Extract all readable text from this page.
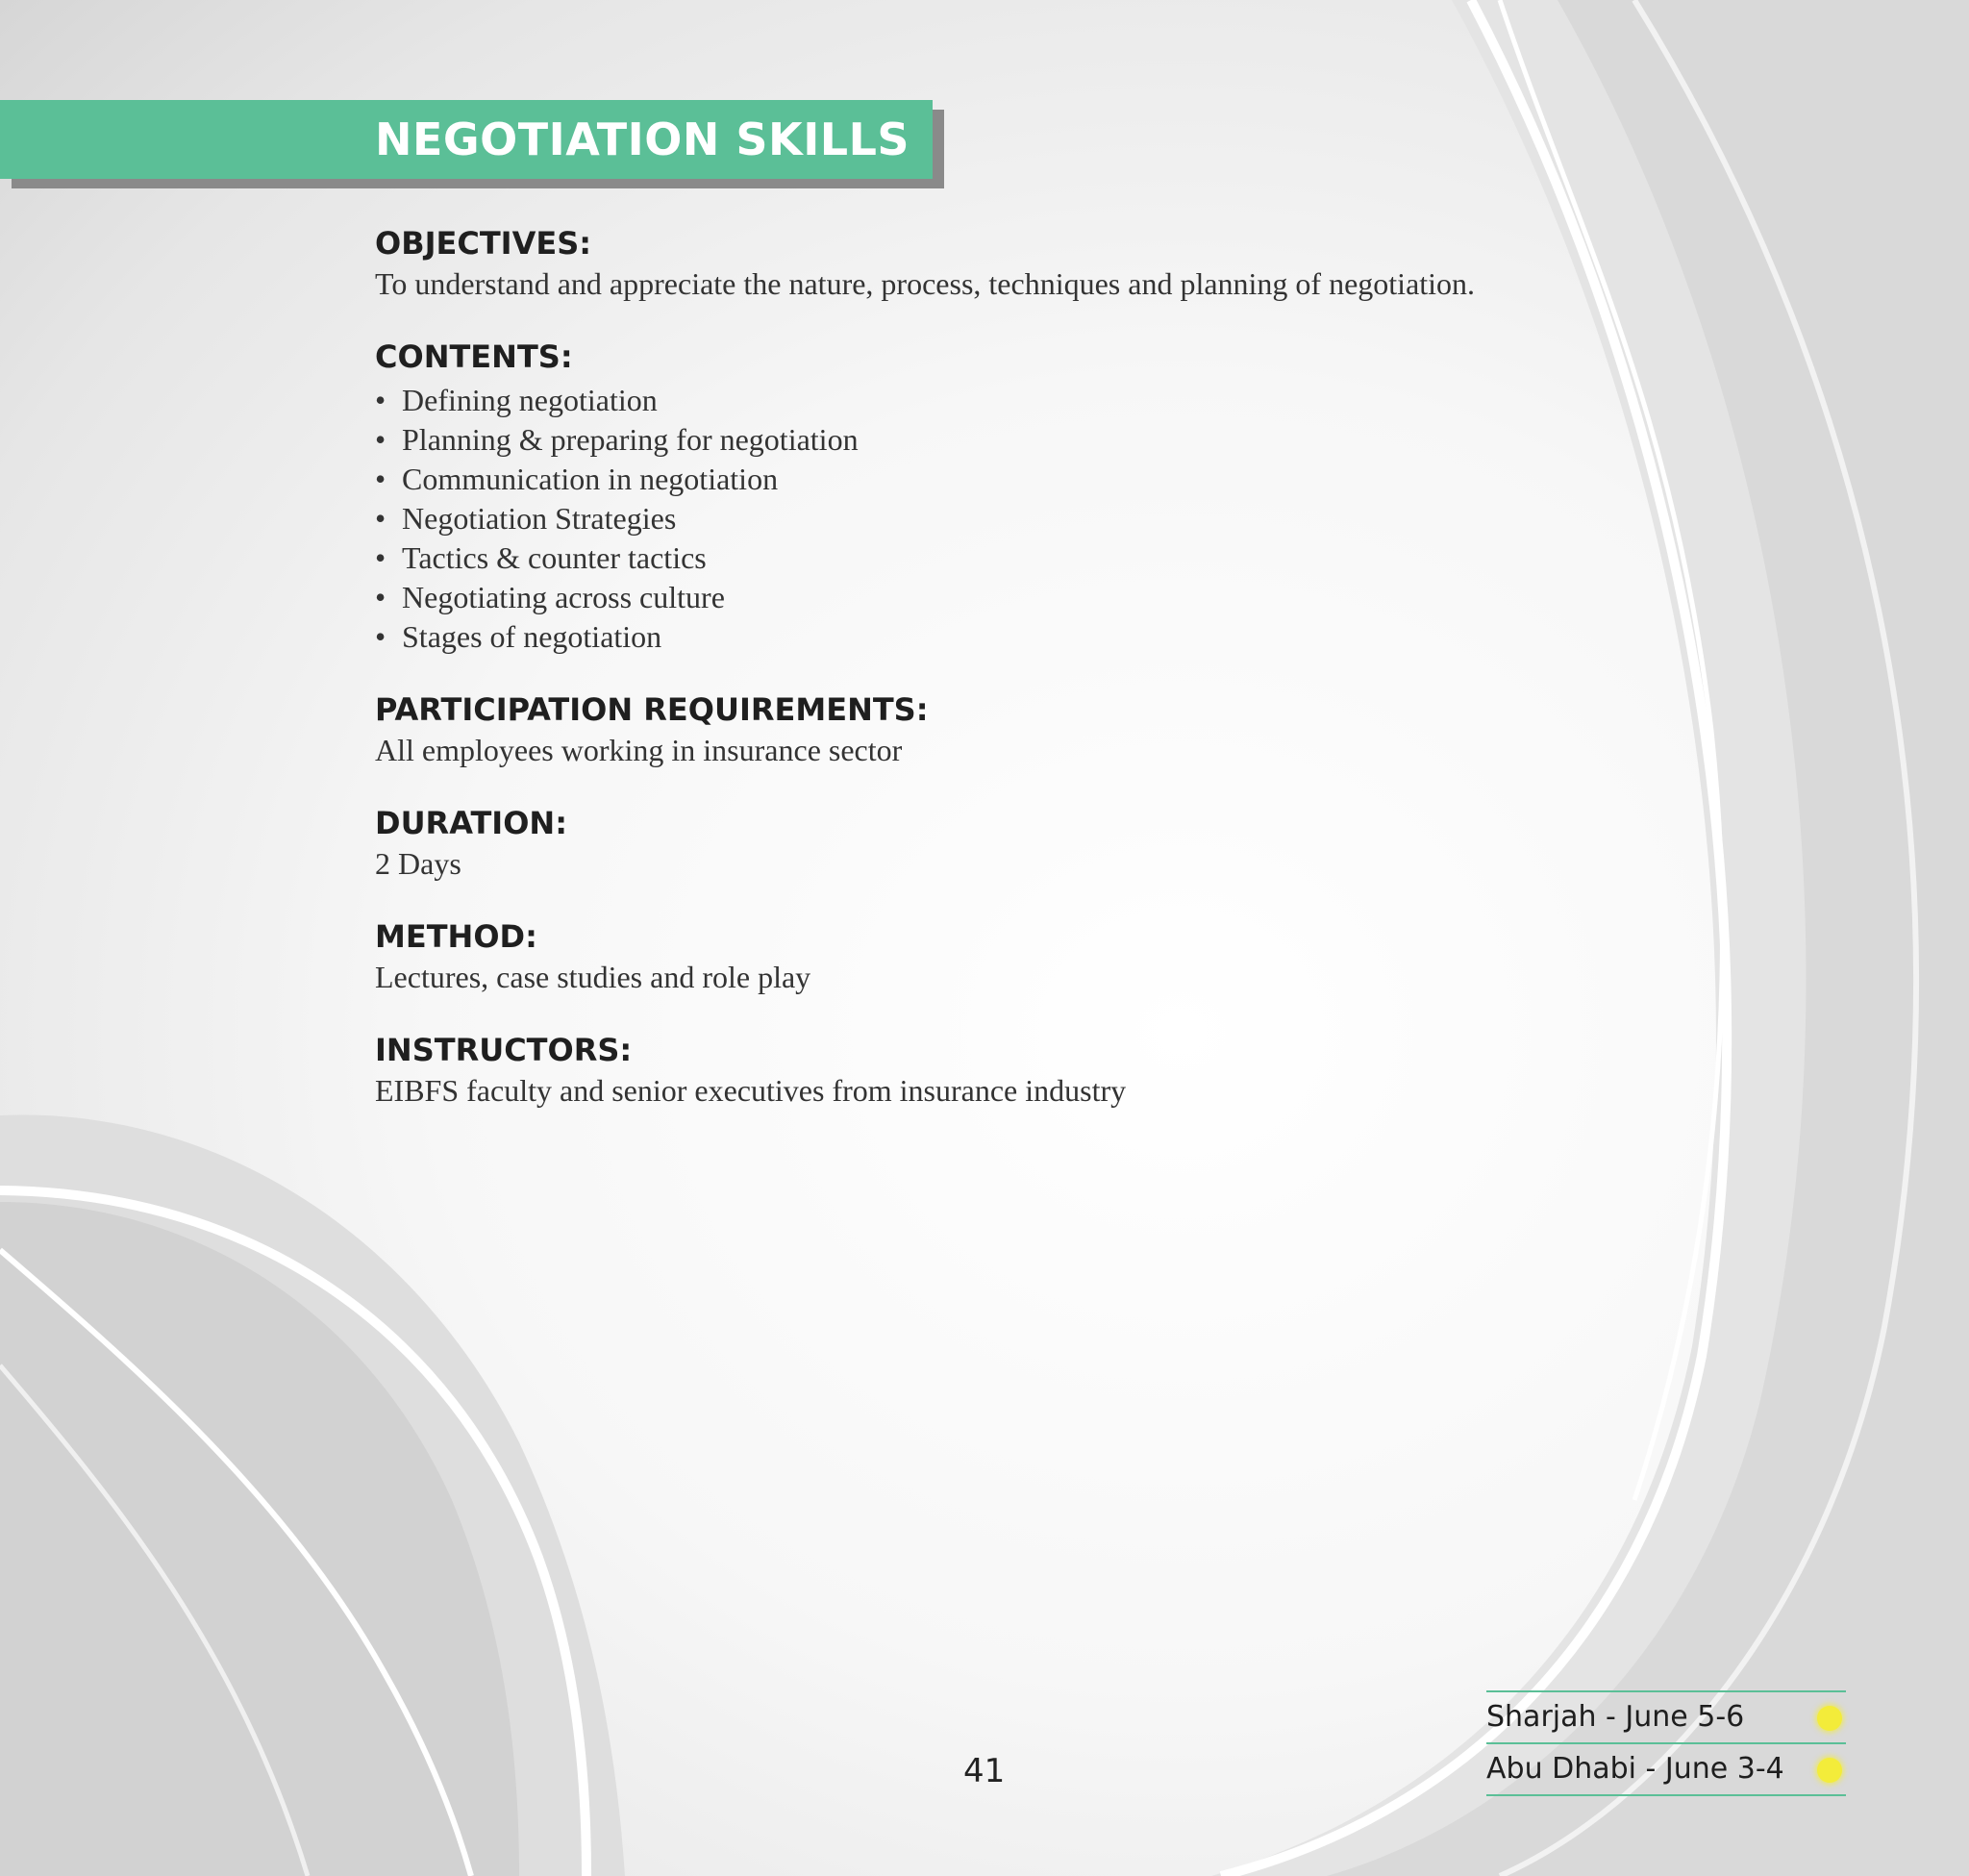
NEGOTIATION SKILLS

OBJECTIVES:

To understand and appreciate the nature, process, techniques and planning of negotiation.

CONTENTS:

• Defining negotiation
• Planning & preparing for negotiation
• Communication in negotiation
• Negotiation Strategies
• Tactics & counter tactics
• Negotiating across culture
• Stages of negotiation

PARTICIPATION REQUIREMENTS:

All employees working in insurance sector

DURATION:

2 Days

METHOD:

Lectures, case studies and role play

INSTRUCTORS:

EIBFS faculty and senior executives from insurance industry

41
Sharjah - June 5-6
Abu Dhabi - June 3-4
